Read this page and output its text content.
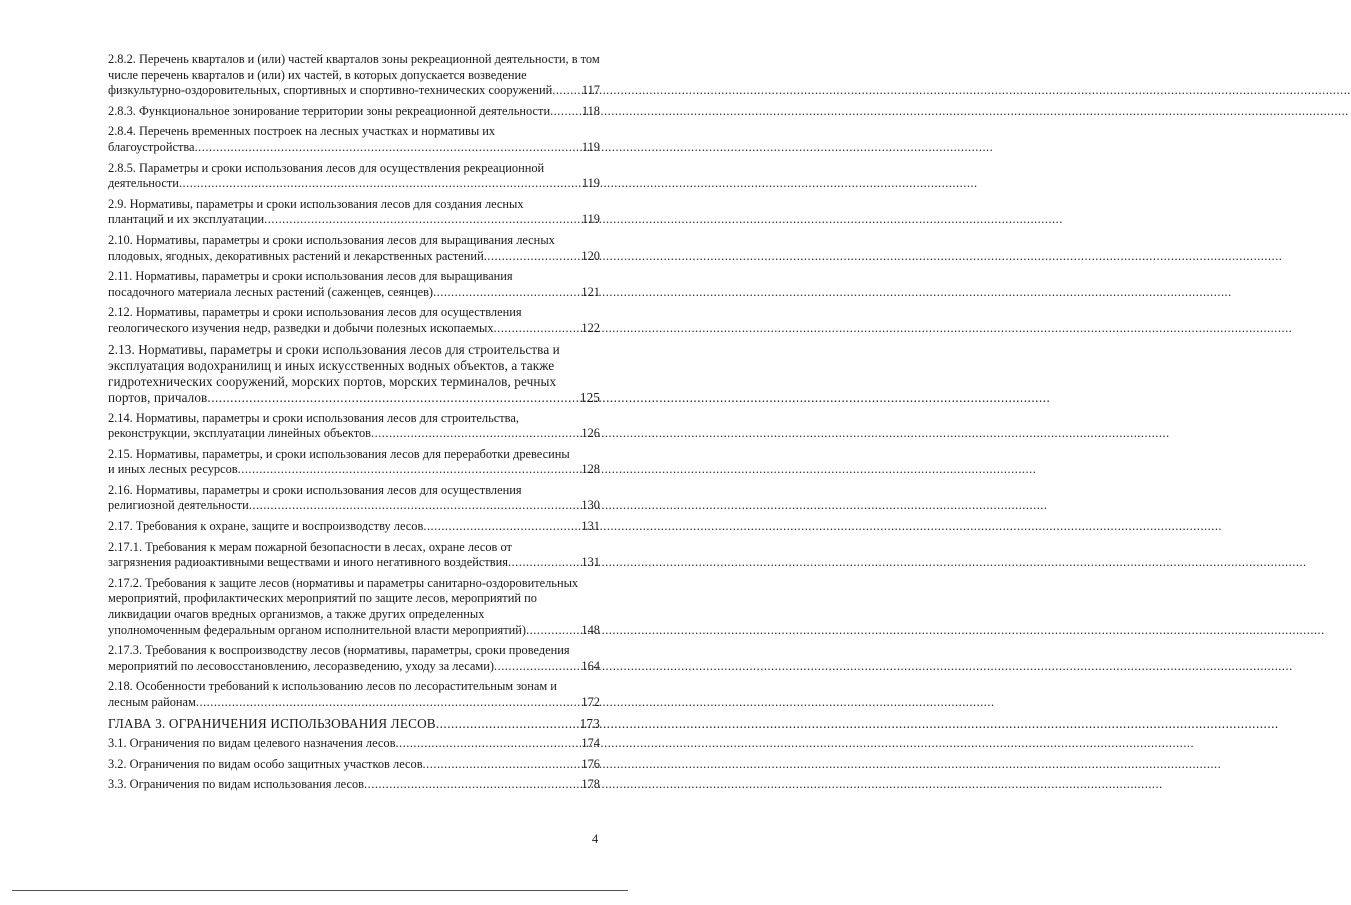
2.8.2. Перечень кварталов и (или) частей кварталов зоны рекреационной деятельности, в том числе перечень кварталов и (или) их частей, в которых допускается возведение
физкультурно-оздоровительных, спортивных и спортивно-технических сооружений ..... 117
2.8.3. Функциональное зонирование территории зоны рекреационной деятельности .....	118
2.8.4. Перечень временных построек на лесных участках и нормативы их
благоустройства .....	119
2.8.5. Параметры и сроки использования лесов для осуществления рекреационной
деятельности .....	119
2.9. Нормативы, параметры и сроки использования лесов для создания лесных
плантаций и их эксплуатации .....	119
2.10. Нормативы, параметры и сроки использования лесов для выращивания лесных
плодовых, ягодных, декоративных растений и лекарственных растений .....	120
2.11. Нормативы, параметры и сроки использования лесов для выращивания
посадочного материала лесных растений (саженцев, сеянцев) .....	121
2.12. Нормативы, параметры и сроки использования лесов для осуществления
геологического изучения недр, разведки и добычи полезных ископаемых .....	122
2.13. Нормативы, параметры и сроки использования лесов для строительства и эксплуатация водохранилищ и иных искусственных водных объектов, а также гидротехнических сооружений, морских портов, морских терминалов, речных
портов, причалов .....	125
2.14. Нормативы, параметры и сроки использования лесов для строительства,
реконструкции, эксплуатации линейных объектов .....	126
2.15. Нормативы, параметры, и сроки использования лесов для переработки древесины
и иных лесных ресурсов .....	128
2.16. Нормативы, параметры и сроки использования лесов для осуществления
религиозной деятельности .....	130
2.17. Требования к охране, защите и воспроизводству лесов .....	131
2.17.1. Требования к мерам пожарной безопасности в лесах, охране лесов от
загрязнения радиоактивными веществами и иного негативного воздействия .....	131
2.17.2. Требования к защите лесов (нормативы и параметры санитарно-оздоровительных мероприятий, профилактических мероприятий по защите лесов, мероприятий по ликвидации очагов вредных организмов, а также других определенных
уполномоченным федеральным органом исполнительной власти мероприятий) .....	148
2.17.3. Требования к воспроизводству лесов (нормативы, параметры, сроки проведения
мероприятий по лесовосстановлению, лесоразведению, уходу за лесами) .....	164
2.18. Особенности требований к использованию лесов по лесорастительным зонам и
лесным районам .....	172
ГЛАВА 3. ОГРАНИЧЕНИЯ ИСПОЛЬЗОВАНИЯ ЛЕСОВ .....	173
3.1. Ограничения по видам целевого назначения лесов .....	174
3.2. Ограничения по видам особо защитных участков лесов .....	176
3.3. Ограничения по видам использования лесов .....	178
4
